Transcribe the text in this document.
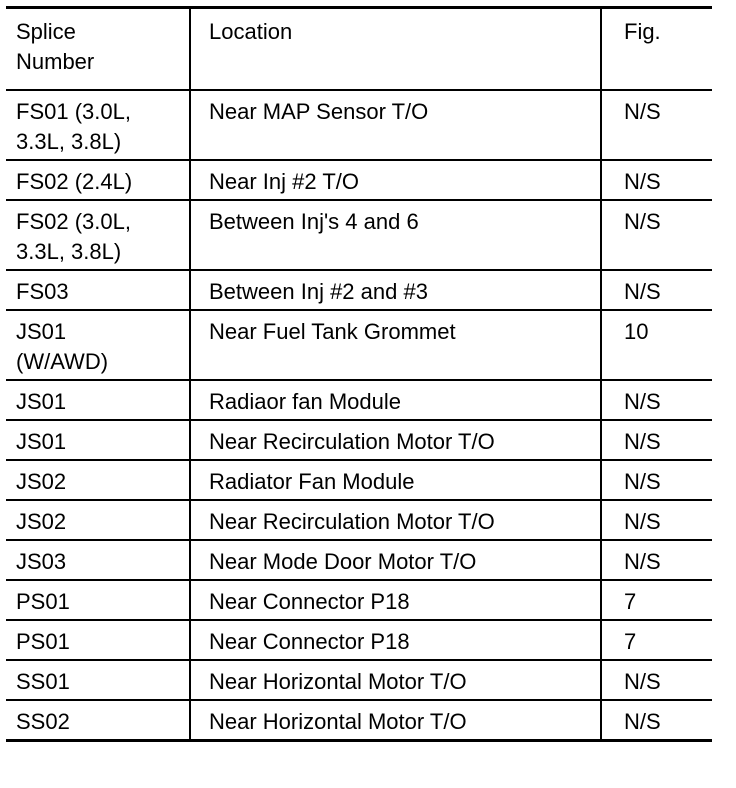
Splice
Number	Location	Fig.
FS01 (3.0L,
3.3L, 3.8L)	Near MAP Sensor T/O	N/S
FS02 (2.4L)	Near Inj #2 T/O	N/S
FS02 (3.0L,
3.3L, 3.8L)	Between Inj's 4 and 6	N/S
FS03	Between Inj #2 and #3	N/S
JS01
(W/AWD)	Near Fuel Tank Grommet	10
JS01	Radiaor fan Module	N/S
JS01	Near Recirculation Motor T/O	N/S
JS02	Radiator Fan Module	N/S
JS02	Near Recirculation Motor T/O	N/S
JS03	Near Mode Door Motor T/O	N/S
PS01	Near Connector P18	7
PS01	Near Connector P18	7
SS01	Near Horizontal Motor T/O	N/S
SS02	Near Horizontal Motor T/O	N/S
